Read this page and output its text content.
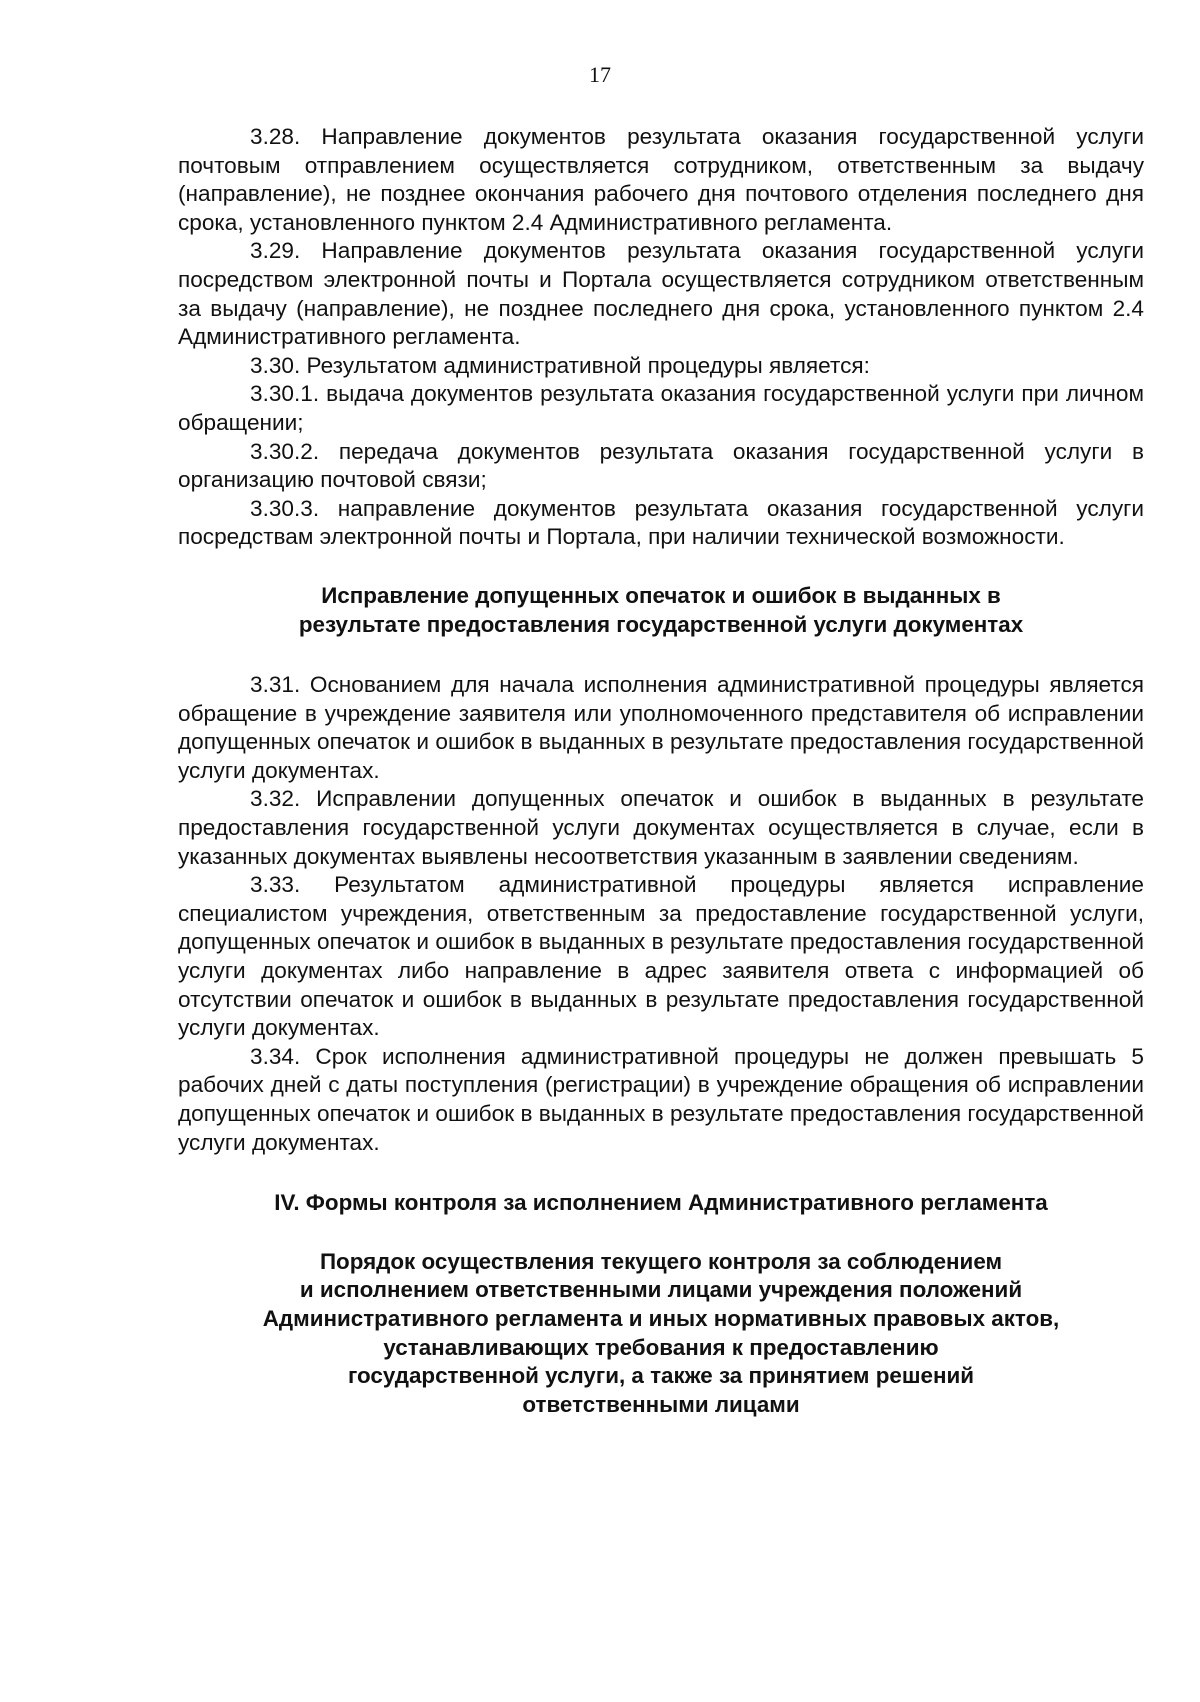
17

3.28. Направление документов результата оказания государственной услуги почтовым отправлением осуществляется сотрудником, ответственным за выдачу (направление), не позднее окончания рабочего дня почтового отделения последнего дня срока, установленного пунктом 2.4 Административного регламента.

3.29. Направление документов результата оказания государственной услуги посредством электронной почты и Портала осуществляется сотрудником ответственным за выдачу (направление), не позднее последнего дня срока, установленного пунктом 2.4 Административного регламента.

3.30. Результатом административной процедуры является:

3.30.1. выдача документов результата оказания государственной услуги при личном обращении;

3.30.2. передача документов результата оказания государственной услуги в организацию почтовой связи;

3.30.3. направление документов результата оказания государственной услуги посредствам электронной почты и Портала, при наличии технической возможности.

Исправление допущенных опечаток и ошибок в выданных в
результате предоставления государственной услуги документах

3.31. Основанием для начала исполнения административной процедуры является обращение в учреждение заявителя или уполномоченного представителя об исправлении допущенных опечаток и ошибок в выданных в результате предоставления государственной услуги документах.

3.32. Исправлении допущенных опечаток и ошибок в выданных в результате предоставления государственной услуги документах осуществляется в случае, если в указанных документах выявлены несоответствия указанным в заявлении сведениям.

3.33. Результатом административной процедуры является исправление специалистом учреждения, ответственным за предоставление государственной услуги, допущенных опечаток и ошибок в выданных в результате предоставления государственной услуги документах либо направление в адрес заявителя ответа с информацией об отсутствии опечаток и ошибок в выданных в результате предоставления государственной услуги документах.

3.34. Срок исполнения административной процедуры не должен превышать 5 рабочих дней с даты поступления (регистрации) в учреждение обращения об исправлении допущенных опечаток и ошибок в выданных в результате предоставления государственной услуги документах.

IV. Формы контроля за исполнением Административного регламента
Порядок осуществления текущего контроля за соблюдением
и исполнением ответственными лицами учреждения положений
Административного регламента и иных нормативных правовых актов,
устанавливающих требования к предоставлению
государственной услуги, а также за принятием решений
ответственными лицами
